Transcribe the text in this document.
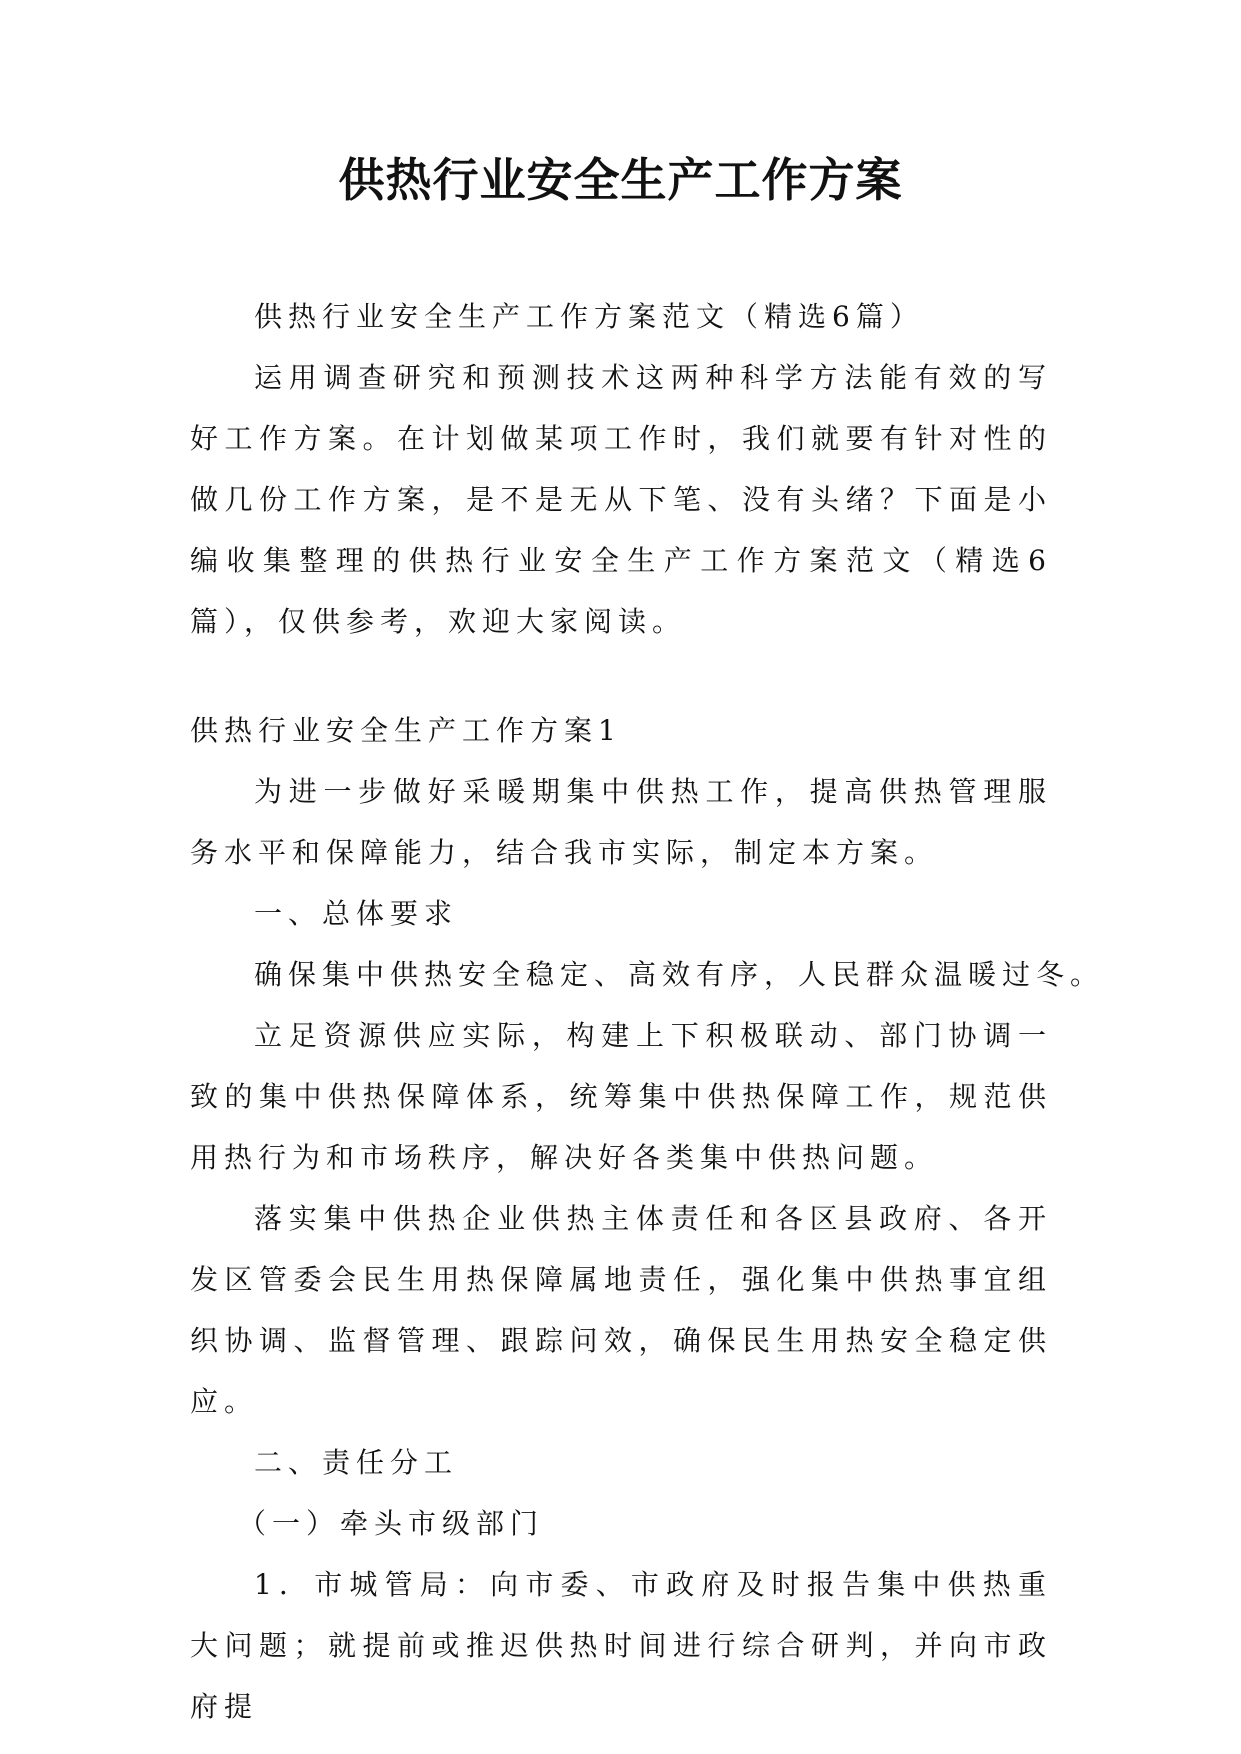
供热行业安全生产工作方案

供热行业安全生产工作方案范文（精选6篇）

运用调查研究和预测技术这两种科学方法能有效的写好工作方案。在计划做某项工作时，我们就要有针对性的做几份工作方案，是不是无从下笔、没有头绪？下面是小编收集整理的供热行业安全生产工作方案范文（精选6篇），仅供参考，欢迎大家阅读。

供热行业安全生产工作方案1

为进一步做好采暖期集中供热工作，提高供热管理服务水平和保障能力，结合我市实际，制定本方案。

一、总体要求

确保集中供热安全稳定、高效有序，人民群众温暖过冬。

立足资源供应实际，构建上下积极联动、部门协调一致的集中供热保障体系，统筹集中供热保障工作，规范供用热行为和市场秩序，解决好各类集中供热问题。

落实集中供热企业供热主体责任和各区县政府、各开发区管委会民生用热保障属地责任，强化集中供热事宜组织协调、监督管理、跟踪问效，确保民生用热安全稳定供应。

二、责任分工

（一）牵头市级部门

1．市城管局：向市委、市政府及时报告集中供热重大问题；就提前或推迟供热时间进行综合研判，并向市政府提
